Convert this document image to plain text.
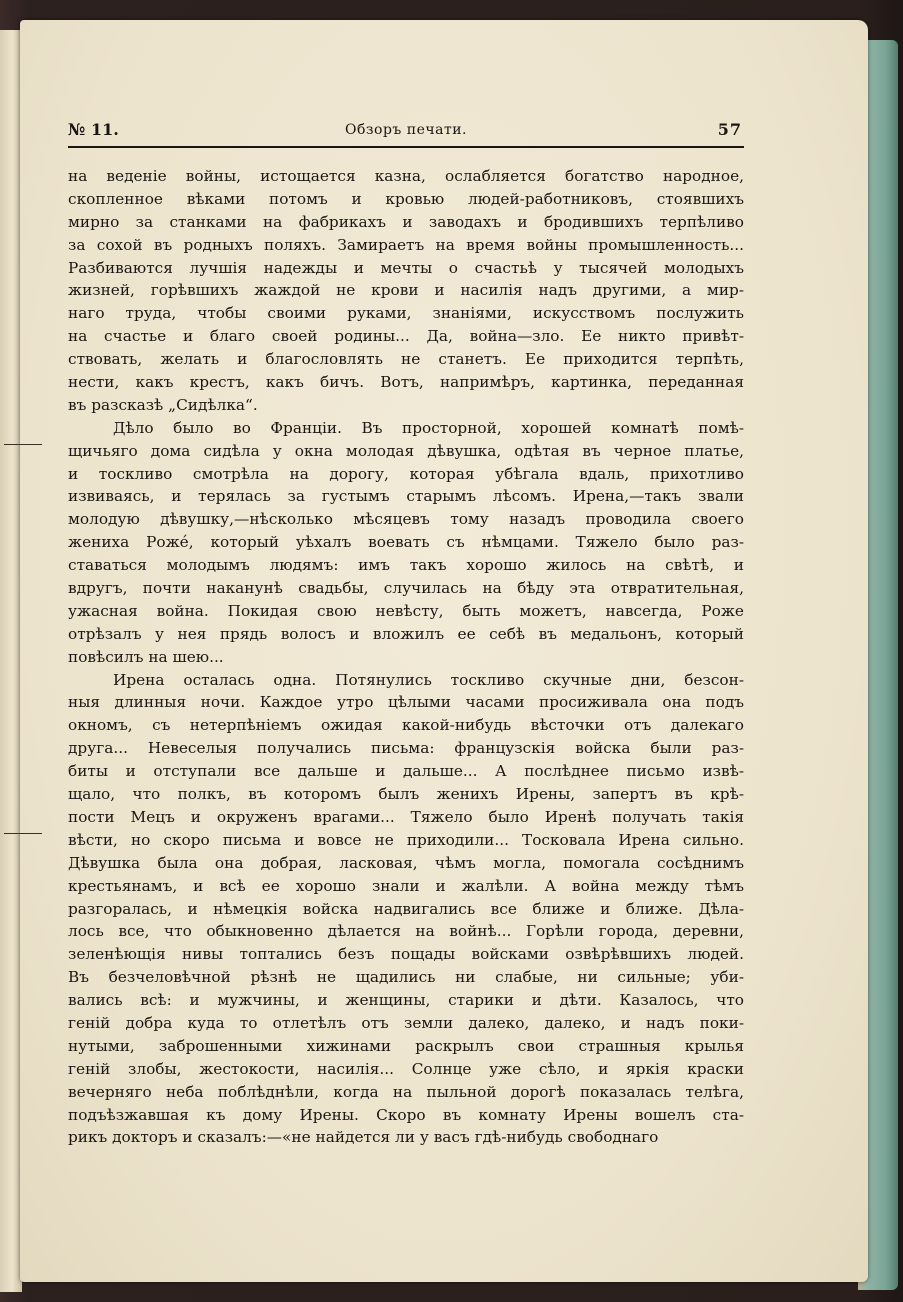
№ 11.	Обзоръ печати.	57
на веденіе войны, истощается казна, ослабляется богатство народное,
скопленное вѣками потомъ и кровью людей-работниковъ, стоявшихъ
мирно за станками на фабрикахъ и заводахъ и бродившихъ терпѣливо
за сохой въ родныхъ поляхъ. Замираетъ на время войны промышленность...
Разбиваются лучшія надежды и мечты о счастьѣ у тысячей молодыхъ
жизней, горѣвшихъ жаждой не крови и насилія надъ другими, а мир-
наго труда, чтобы своими руками, знаніями, искусствомъ послужить
на счастье и благо своей родины... Да, война—зло. Ее никто привѣт-
ствовать, желать и благословлять не станетъ. Ее приходится терпѣть,
нести, какъ крестъ, какъ бичъ. Вотъ, напримѣръ, картинка, переданная
въ разсказѣ „Сидѣлка“.
Дѣло было во Франціи. Въ просторной, хорошей комнатѣ помѣ-
щичьяго дома сидѣла у окна молодая дѣвушка, одѣтая въ черное платье,
и тоскливо смотрѣла на дорогу, которая убѣгала вдаль, прихотливо
извиваясь, и терялась за густымъ старымъ лѣсомъ. Ирена,—такъ звали
молодую дѣвушку,—нѣсколько мѣсяцевъ тому назадъ проводила своего
жениха Рожé, который уѣхалъ воевать съ нѣмцами. Тяжело было раз-
ставаться молодымъ людямъ: имъ такъ хорошо жилось на свѣтѣ, и
вдругъ, почти наканунѣ свадьбы, случилась на бѣду эта отвратительная,
ужасная война. Покидая свою невѣсту, быть можетъ, навсегда, Роже
отрѣзалъ у нея прядь волосъ и вложилъ ее себѣ въ медальонъ, который
повѣсилъ на шею...
Ирена осталась одна. Потянулись тоскливо скучные дни, безсон-
ныя длинныя ночи. Каждое утро цѣлыми часами просиживала она подъ
окномъ, съ нетерпѣніемъ ожидая какой-нибудь вѣсточки отъ далекаго
друга... Невеселыя получались письма: французскія войска были раз-
биты и отступали все дальше и дальше... А послѣднее письмо извѣ-
щало, что полкъ, въ которомъ былъ женихъ Ирены, запертъ въ крѣ-
пости Мецъ и окруженъ врагами... Тяжело было Иренѣ получать такія
вѣсти, но скоро письма и вовсе не приходили... Тосковала Ирена сильно.
Дѣвушка была она добрая, ласковая, чѣмъ могла, помогала сосѣднимъ
крестьянамъ, и всѣ ее хорошо знали и жалѣли. А война между тѣмъ
разгоралась, и нѣмецкія войска надвигались все ближе и ближе. Дѣла-
лось все, что обыкновенно дѣлается на войнѣ... Горѣли города, деревни,
зеленѣющія нивы топтались безъ пощады войсками озвѣрѣвшихъ людей.
Въ безчеловѣчной рѣзнѣ не щадились ни слабые, ни сильные; уби-
вались всѣ: и мужчины, и женщины, старики и дѣти. Казалось, что
геній добра куда то отлетѣлъ отъ земли далеко, далеко, и надъ поки-
нутыми, заброшенными хижинами раскрылъ свои страшныя крылья
геній злобы, жестокости, насилія... Солнце уже сѣло, и яркія краски
вечерняго неба поблѣднѣли, когда на пыльной дорогѣ показалась телѣга,
подъѣзжавшая къ дому Ирены. Скоро въ комнату Ирены вошелъ ста-
рикъ докторъ и сказалъ:—«не найдется ли у васъ гдѣ-нибудь свободнаго
